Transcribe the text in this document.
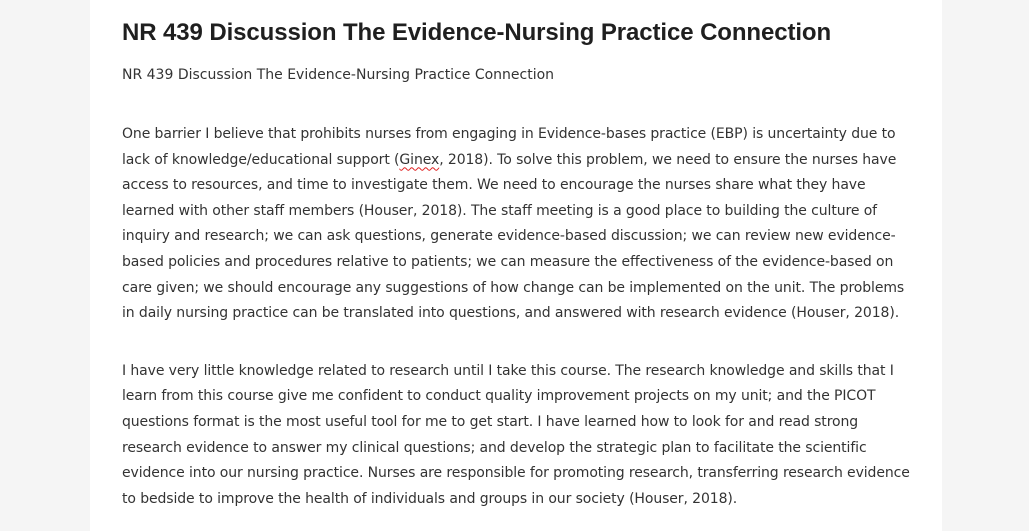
NR 439 Discussion The Evidence-Nursing Practice Connection

NR 439 Discussion The Evidence-Nursing Practice Connection

One barrier I believe that prohibits nurses from engaging in Evidence-bases practice (EBP) is uncertainty due to lack of knowledge/educational support (Ginex, 2018). To solve this problem, we need to ensure the nurses have access to resources, and time to investigate them. We need to encourage the nurses share what they have learned with other staff members (Houser, 2018). The staff meeting is a good place to building the culture of inquiry and research; we can ask questions, generate evidence-based discussion; we can review new evidence-based policies and procedures relative to patients; we can measure the effectiveness of the evidence-based on care given; we should encourage any suggestions of how change can be implemented on the unit. The problems in daily nursing practice can be translated into questions, and answered with research evidence (Houser, 2018).

I have very little knowledge related to research until I take this course. The research knowledge and skills that I learn from this course give me confident to conduct quality improvement projects on my unit; and the PICOT questions format is the most useful tool for me to get start. I have learned how to look for and read strong research evidence to answer my clinical questions; and develop the strategic plan to facilitate the scientific evidence into our nursing practice. Nurses are responsible for promoting research, transferring research evidence to bedside to improve the health of individuals and groups in our society (Houser, 2018).
